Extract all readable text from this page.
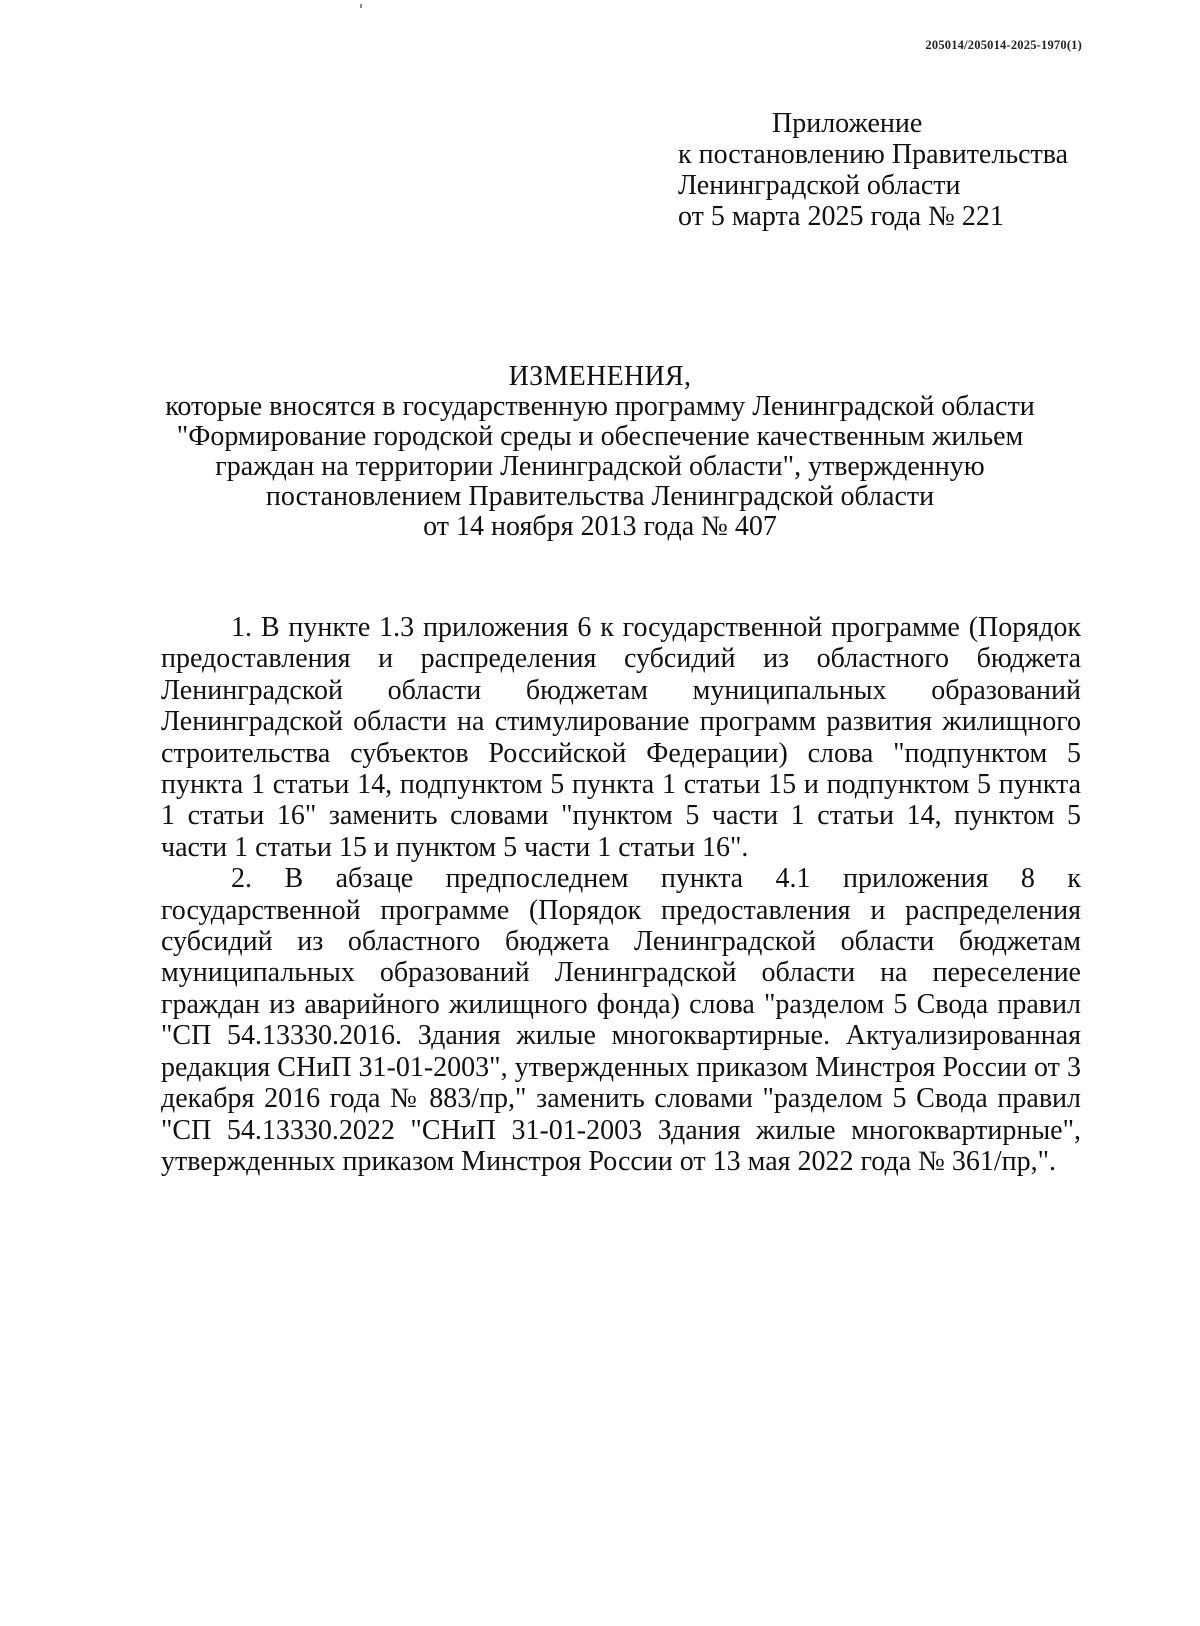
205014/205014-2025-1970(1)
Приложение
к постановлению Правительства
Ленинградской области
от 5 марта 2025 года № 221
ИЗМЕНЕНИЯ,
которые вносятся в государственную программу Ленинградской области
"Формирование городской среды и обеспечение качественным жильем
граждан на территории Ленинградской области", утвержденную
постановлением Правительства Ленинградской области
от 14 ноября 2013 года № 407

1. В пункте 1.3 приложения 6 к государственной программе (Порядок предоставления и распределения субсидий из областного бюджета Ленинградской области бюджетам муниципальных образований Ленинградской области на стимулирование программ развития жилищного строительства субъектов Российской Федерации) слова "подпунктом 5 пункта 1 статьи 14, подпунктом 5 пункта 1 статьи 15 и подпунктом 5 пункта 1 статьи 16" заменить словами "пунктом 5 части 1 статьи 14, пунктом 5 части 1 статьи 15 и пунктом 5 части 1 статьи 16".

2. В абзаце предпоследнем пункта 4.1 приложения 8 к государственной программе (Порядок предоставления и распределения субсидий из областного бюджета Ленинградской области бюджетам муниципальных образований Ленинградской области на переселение граждан из аварийного жилищного фонда) слова "разделом 5 Свода правил "СП 54.13330.2016. Здания жилые многоквартирные. Актуализированная редакция СНиП 31-01-2003", утвержденных приказом Минстроя России от 3 декабря 2016 года № 883/пр," заменить словами "разделом 5 Свода правил "СП 54.13330.2022 "СНиП 31-01-2003 Здания жилые многоквартирные", утвержденных приказом Минстроя России от 13 мая 2022 года № 361/пр,".
